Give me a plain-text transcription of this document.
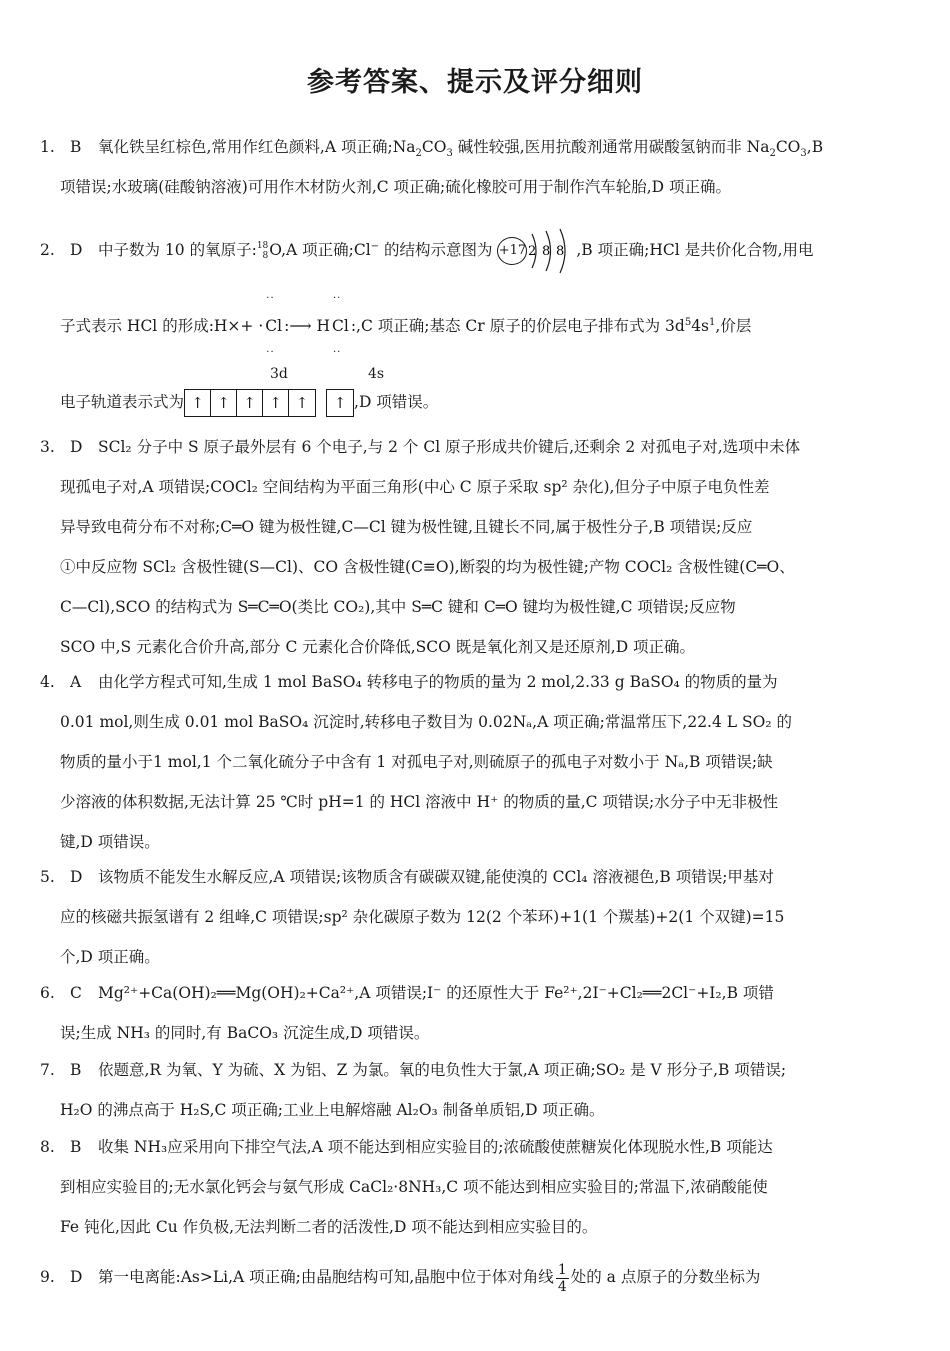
参考答案、提示及评分细则
1. B 氧化铁呈红棕色,常用作红色颜料,A 项正确$;Na_2CO_3$ 碱性较强,医用抗酸剂通常用碳酸氢钠而非 $Na_2CO_3,B$
项错误;水玻璃(硅酸钠溶液)可用作木材防火剂,C 项正确;硫化橡胶可用于制作汽车轮胎,D 项正确。
2. D 中子数为 10 的氧原子: 18
8 O,A 项正确;Cl− 的结构示意图为 +17 2 8 8 ,B 项正确;HCl 是共价化合物,用电
子式表示 HCl 的形成:H×+ ·
··
Cl
··
:⟶ H
··
Cl
··
:,C 项正确;基态 Cr 原子的价层电子排布式为 $3d^54s^1$,价层
3d	4s
电子轨道表示式为 ↑ ↑ ↑ ↑ ↑ ↑ ,D 项错误。
3. D SCl₂ 分子中 S 原子最外层有 6 个电子,与 2 个 Cl 原子形成共价键后,还剩余 2 对孤电子对,选项中未体
现孤电子对,A 项错误;COCl₂ 空间结构为平面三角形(中心 C 原子采取 sp² 杂化),但分子中原子电负性差
异导致电荷分布不对称;C═O 键为极性键,C—Cl 键为极性键,且键长不同,属于极性分子,B 项错误;反应
①中反应物 SCl₂ 含极性键(S—Cl)、CO 含极性键(C≡O),断裂的均为极性键;产物 COCl₂ 含极性键(C═O、
C—Cl),SCO 的结构式为 S═C═O(类比 CO₂),其中 S═C 键和 C═O 键均为极性键,C 项错误;反应物
SCO 中,S 元素化合价升高,部分 C 元素化合价降低,SCO 既是氧化剂又是还原剂,D 项正确。
4. A 由化学方程式可知,生成 1 mol BaSO₄ 转移电子的物质的量为 2 mol,2.33 g BaSO₄ 的物质的量为
0.01 mol,则生成 0.01 mol BaSO₄ 沉淀时,转移电子数目为 0.02Nₐ,A 项正确;常温常压下,22.4 L SO₂ 的
物质的量小于1 mol,1 个二氧化硫分子中含有 1 对孤电子对,则硫原子的孤电子对数小于 Nₐ,B 项错误;缺
少溶液的体积数据,无法计算 25 ℃时 pH=1 的 HCl 溶液中 H⁺ 的物质的量,C 项错误;水分子中无非极性
键,D 项错误。
5. D 该物质不能发生水解反应,A 项错误;该物质含有碳碳双键,能使溴的 CCl₄ 溶液褪色,B 项错误;甲基对
应的核磁共振氢谱有 2 组峰,C 项错误;sp² 杂化碳原子数为 12(2 个苯环)+1(1 个羰基)+2(1 个双键)=15
个,D 项正确。
6. C Mg²⁺+Ca(OH)₂══Mg(OH)₂+Ca²⁺,A 项错误;I⁻ 的还原性大于 Fe²⁺,2I⁻+Cl₂══2Cl⁻+I₂,B 项错
误;生成 NH₃ 的同时,有 BaCO₃ 沉淀生成,D 项错误。
7. B 依题意,R 为氧、Y 为硫、X 为铝、Z 为氯。氧的电负性大于氯,A 项正确;SO₂ 是 V 形分子,B 项错误;
H₂O 的沸点高于 H₂S,C 项正确;工业上电解熔融 Al₂O₃ 制备单质铝,D 项正确。
8. B 收集 NH₃应采用向下排空气法,A 项不能达到相应实验目的;浓硫酸使蔗糖炭化体现脱水性,B 项能达
到相应实验目的;无水氯化钙会与氨气形成 CaCl₂·8NH₃,C 项不能达到相应实验目的;常温下,浓硝酸能使
Fe 钝化,因此 Cu 作负极,无法判断二者的活泼性,D 项不能达到相应实验目的。
9. D 第一电离能:As>Li,A 项正确;由晶胞结构可知,晶胞中位于体对角线 $\frac{1}{4}$ 处的 a 点原子的分数坐标为
